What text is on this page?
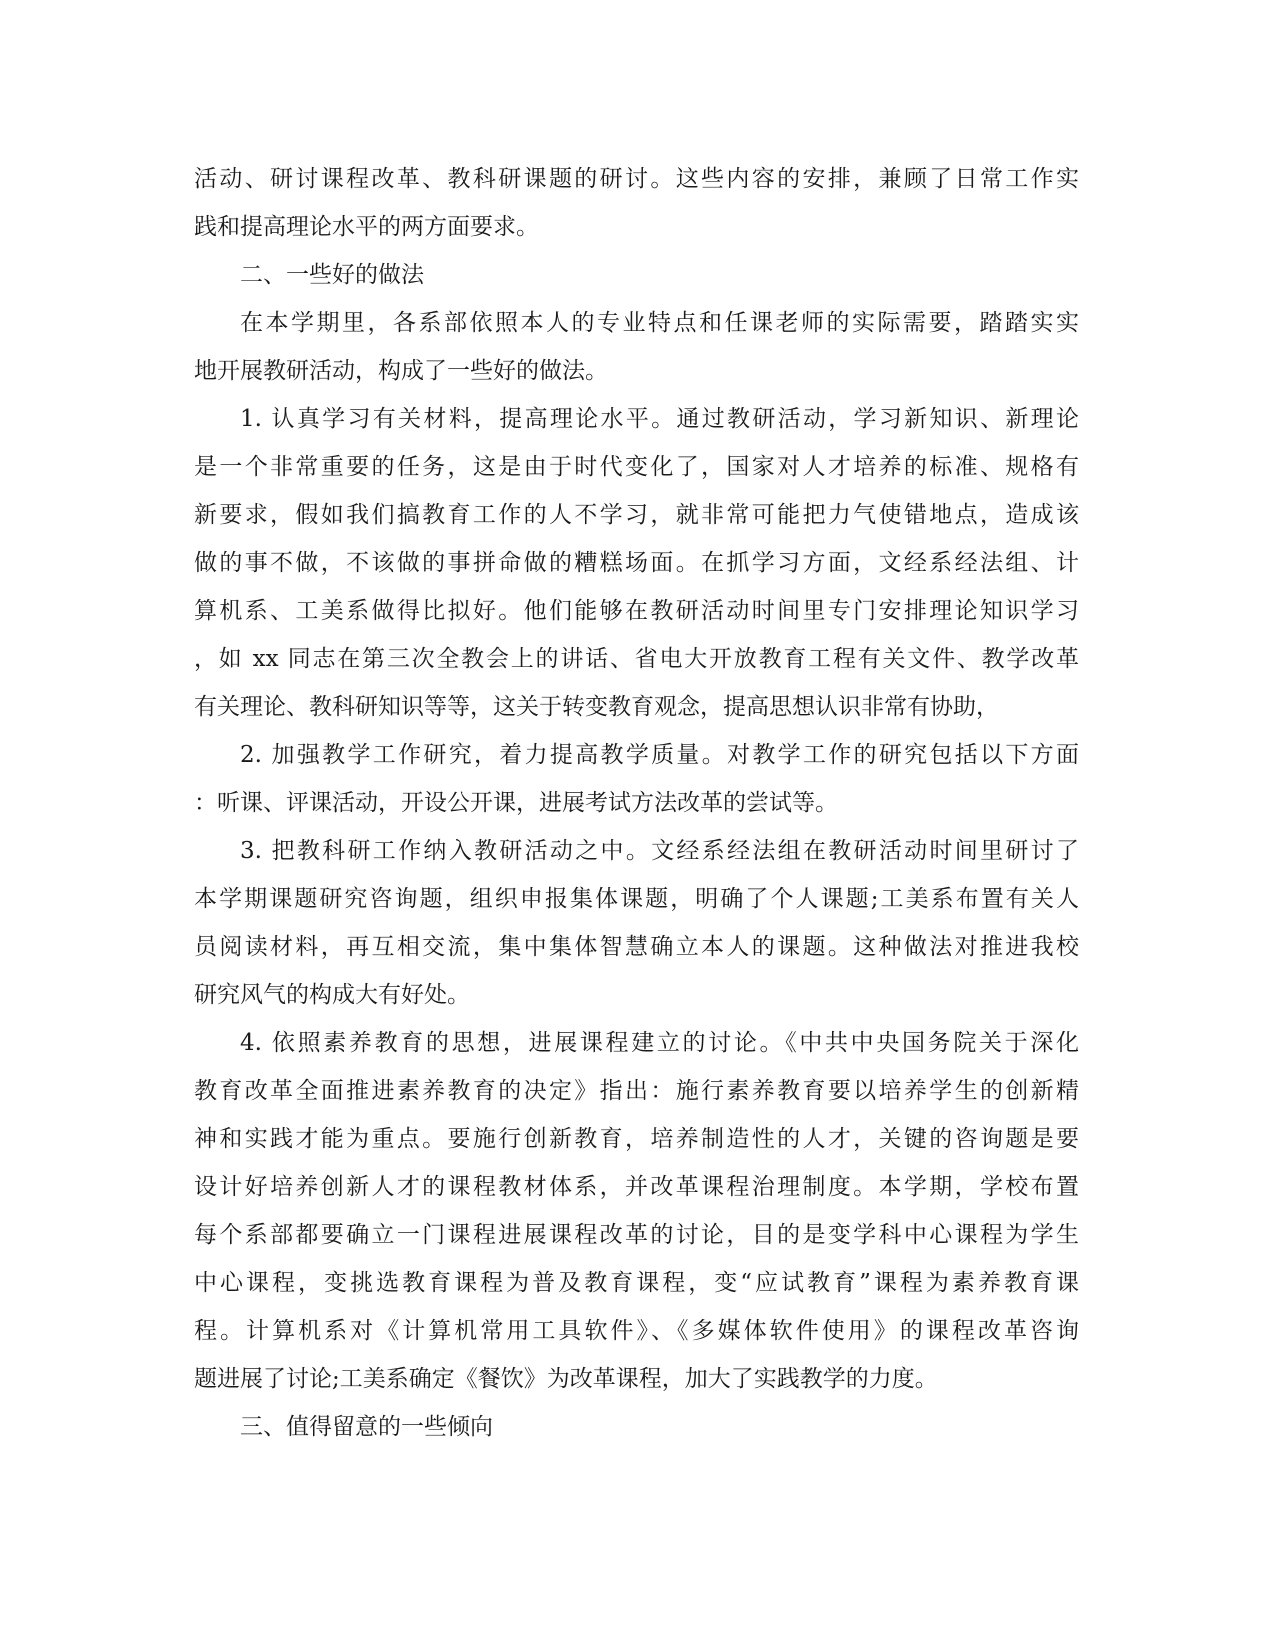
活动、研讨课程改革、教科研课题的研讨。这些内容的安排，兼顾了日常工作实
践和提高理论水平的两方面要求。
二、一些好的做法
在本学期里，各系部依照本人的专业特点和任课老师的实际需要，踏踏实实
地开展教研活动，构成了一些好的做法。
1. 认真学习有关材料，提高理论水平。通过教研活动，学习新知识、新理论
是一个非常重要的任务，这是由于时代变化了，国家对人才培养的标准、规格有
新要求，假如我们搞教育工作的人不学习，就非常可能把力气使错地点，造成该
做的事不做，不该做的事拼命做的糟糕场面。在抓学习方面，文经系经法组、计
算机系、工美系做得比拟好。他们能够在教研活动时间里专门安排理论知识学习
，如 xx 同志在第三次全教会上的讲话、省电大开放教育工程有关文件、教学改革
有关理论、教科研知识等等，这关于转变教育观念，提高思想认识非常有协助，
2. 加强教学工作研究，着力提高教学质量。对教学工作的研究包括以下方面
：听课、评课活动，开设公开课，进展考试方法改革的尝试等。
3. 把教科研工作纳入教研活动之中。文经系经法组在教研活动时间里研讨了
本学期课题研究咨询题，组织申报集体课题，明确了个人课题;工美系布置有关人
员阅读材料，再互相交流，集中集体智慧确立本人的课题。这种做法对推进我校
研究风气的构成大有好处。
4. 依照素养教育的思想，进展课程建立的讨论。《中共中央国务院关于深化
教育改革全面推进素养教育的决定》指出：施行素养教育要以培养学生的创新精
神和实践才能为重点。要施行创新教育，培养制造性的人才，关键的咨询题是要
设计好培养创新人才的课程教材体系，并改革课程治理制度。本学期，学校布置
每个系部都要确立一门课程进展课程改革的讨论，目的是变学科中心课程为学生
中心课程，变挑选教育课程为普及教育课程，变“应试教育”课程为素养教育课
程。计算机系对《计算机常用工具软件》、《多媒体软件使用》的课程改革咨询
题进展了讨论;工美系确定《餐饮》为改革课程，加大了实践教学的力度。
三、值得留意的一些倾向
